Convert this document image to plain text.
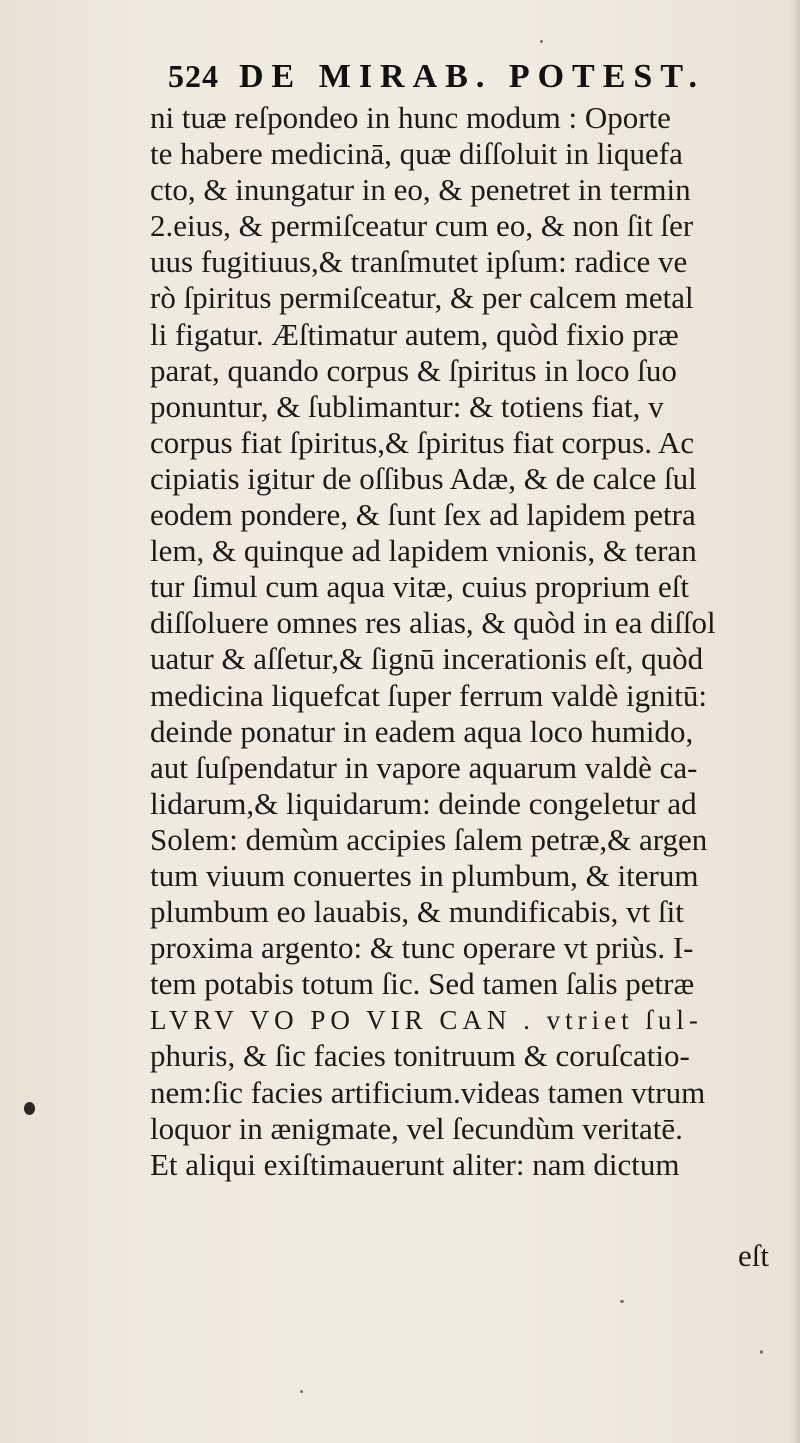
524 DE MIRAB. POTEST.
ni tuæ reſpondeo in hunc modum : Oporte
te habere medicinā, quæ diſſoluit in liquefa
cto, & inungatur in eo, & penetret in termin
2.eius, & permiſceatur cum eo, & non ſit ſer
uus fugitiuus,& tranſmutet ipſum: radice ve
rò ſpiritus permiſceatur, & per calcem metal
li figatur. Æſtimatur autem, quòd fixio præ
parat, quando corpus & ſpiritus in loco ſuo
ponuntur, & ſublimantur: & totiens fiat, v
corpus fiat ſpiritus,& ſpiritus fiat corpus. Ac
cipiatis igitur de oſſibus Adæ, & de calce ſul
eodem pondere, & ſunt ſex ad lapidem petra
lem, & quinque ad lapidem vnionis, & teran
tur ſimul cum aqua vitæ, cuius proprium eſt
diſſoluere omnes res alias, & quòd in ea diſſol
uatur & aſſetur,& ſignū incerationis eſt, quòd
medicina liquefcat ſuper ferrum valdè ignitū:
deinde ponatur in eadem aqua loco humido,
aut ſuſpendatur in vapore aquarum valdè ca-
lidarum,& liquidarum: deinde congeletur ad
Solem: demùm accipies ſalem petræ,& argen
tum viuum conuertes in plumbum, & iterum
plumbum eo lauabis, & mundificabis, vt ſit
proxima argento: & tunc operare vt priùs. I-
tem potabis totum ſic. Sed tamen ſalis petræ
LVRV VO PO VIR CAN . vtriet ſul-
phuris, & ſic facies tonitruum & coruſcatio-
nem:ſic facies artificium.videas tamen vtrum
loquor in ænigmate, vel ſecundùm veritatē.
Et aliqui exiſtimauerunt aliter: nam dictum
eſt
